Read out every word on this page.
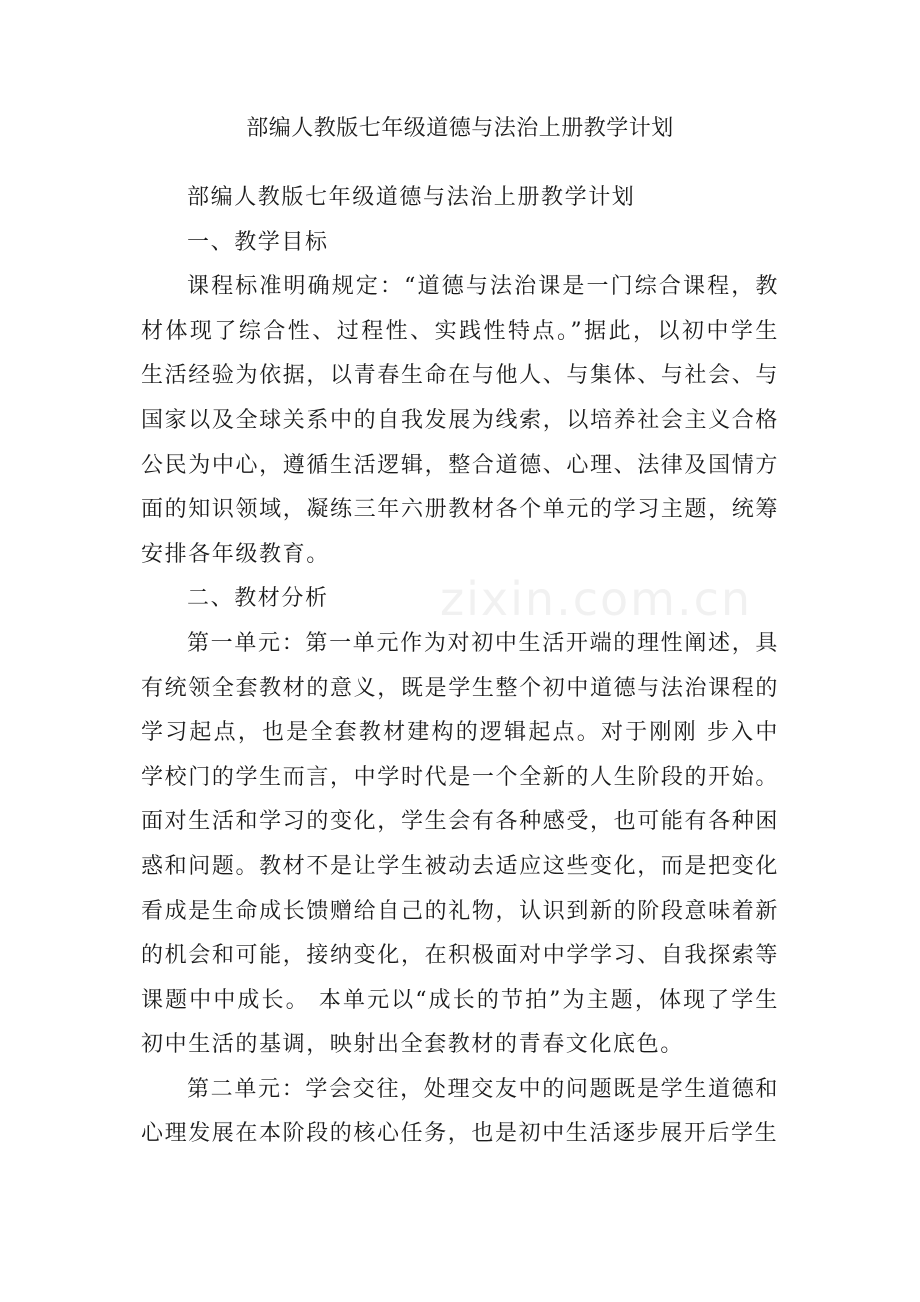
部编人教版七年级道德与法治上册教学计划
zixin.com.cn

部编人教版七年级道德与法治上册教学计划

一、教学目标

课程标准明确规定：“道德与法治课是一门综合课程，教材体现了综合性、过程性、实践性特点。”据此，以初中学生生活经验为依据，以青春生命在与他人、与集体、与社会、与国家以及全球关系中的自我发展为线索，以培养社会主义合格公民为中心，遵循生活逻辑，整合道德、心理、法律及国情方面的知识领域，凝练三年六册教材各个单元的学习主题，统筹安排各年级教育。

二、教材分析

第一单元：第一单元作为对初中生活开端的理性阐述，具有统领全套教材的意义，既是学生整个初中道德与法治课程的学习起点，也是全套教材建构的逻辑起点。对于刚刚 步入中学校门的学生而言，中学时代是一个全新的人生阶段的开始。面对生活和学习的变化，学生会有各种感受，也可能有各种困惑和问题。教材不是让学生被动去适应这些变化，而是把变化看成是生命成长馈赠给自己的礼物，认识到新的阶段意味着新的机会和可能，接纳变化，在积极面对中学学习、自我探索等课题中中成长。 本单元以“成长的节拍”为主题，体现了学生初中生活的基调，映射出全套教材的青春文化底色。

第二单元：学会交往，处理交友中的问题既是学生道德和心理发展在本阶段的核心任务，也是初中生活逐步展开后学生
